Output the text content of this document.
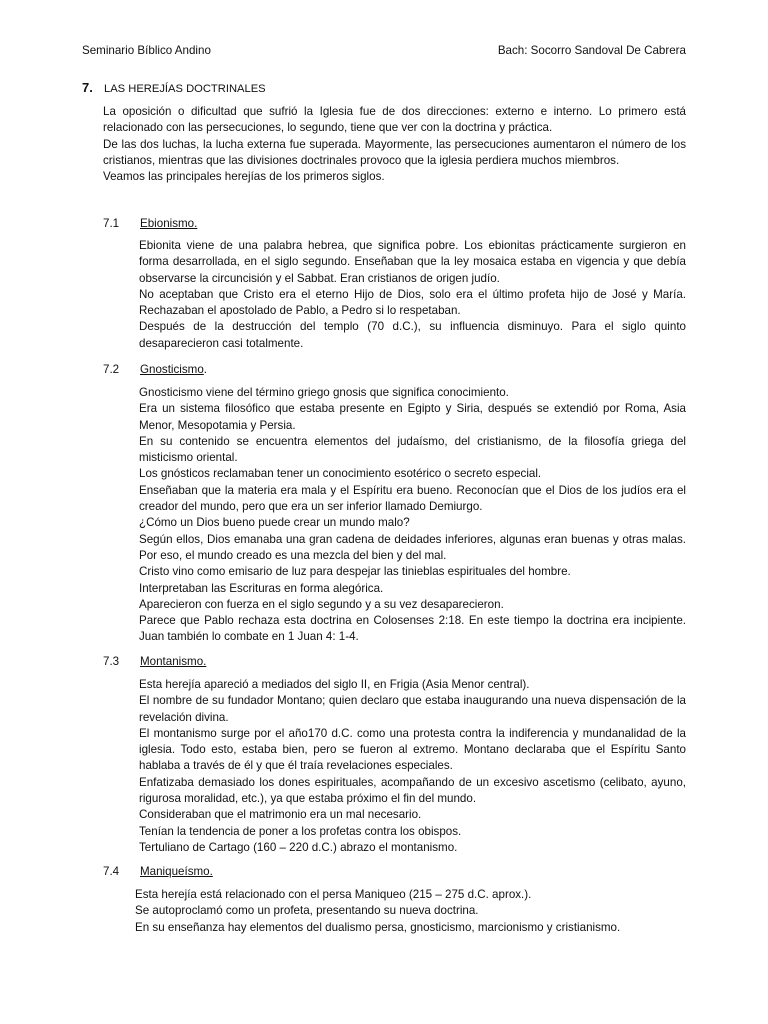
Seminario Bíblico Andino	Bach: Socorro Sandoval De Cabrera
7. LAS HEREJÍAS DOCTRINALES

La oposición o dificultad que sufrió la Iglesia fue de dos direcciones: externo e interno. Lo primero está relacionado con las persecuciones, lo segundo, tiene que ver con la doctrina y práctica.

De las dos luchas, la lucha externa fue superada. Mayormente, las persecuciones aumentaron el número de los cristianos, mientras que las divisiones doctrinales provoco que la iglesia perdiera muchos miembros.

Veamos las principales herejías de los primeros siglos.

7.1	Ebionismo.

Ebionita viene de una palabra hebrea, que significa pobre. Los ebionitas prácticamente surgieron en forma desarrollada, en el siglo segundo. Enseñaban que la ley mosaica estaba en vigencia y que debía observarse la circuncisión y el Sabbat. Eran cristianos de origen judío.

No aceptaban que Cristo era el eterno Hijo de Dios, solo era el último profeta hijo de José y María. Rechazaban el apostolado de Pablo, a Pedro si lo respetaban.

Después de la destrucción del templo (70 d.C.), su influencia disminuyo. Para el siglo quinto desaparecieron casi totalmente.

7.2	Gnosticismo.

Gnosticismo viene del término griego gnosis que significa conocimiento.

Era un sistema filosófico que estaba presente en Egipto y Siria, después se extendió por Roma, Asia Menor, Mesopotamia y Persia.

En su contenido se encuentra elementos del judaísmo, del cristianismo, de la filosofía griega del misticismo oriental.

Los gnósticos reclamaban tener un conocimiento esotérico o secreto especial.

Enseñaban que la materia era mala y el Espíritu era bueno. Reconocían que el Dios de los judíos era el creador del mundo, pero que era un ser inferior llamado Demiurgo.

¿Cómo un Dios bueno puede crear un mundo malo?

Según ellos, Dios emanaba una gran cadena de deidades inferiores, algunas eran buenas y otras malas. Por eso, el mundo creado es una mezcla del bien y del mal.

Cristo vino como emisario de luz para despejar las tinieblas espirituales del hombre.

Interpretaban las Escrituras en forma alegórica.

Aparecieron con fuerza en el siglo segundo y a su vez desaparecieron.

Parece que Pablo rechaza esta doctrina en Colosenses 2:18. En este tiempo la doctrina era incipiente. Juan también lo combate en 1 Juan 4: 1-4.

7.3	Montanismo.

Esta herejía apareció a mediados del siglo II, en Frigia (Asia Menor central).

El nombre de su fundador Montano; quien declaro que estaba inaugurando una nueva dispensación de la revelación divina.

El montanismo surge por el año170 d.C. como una protesta contra la indiferencia y mundanalidad de la iglesia. Todo esto, estaba bien, pero se fueron al extremo. Montano declaraba que el Espíritu Santo hablaba a través de él y que él traía revelaciones especiales.

Enfatizaba demasiado los dones espirituales, acompañando de un excesivo ascetismo (celibato, ayuno, rigurosa moralidad, etc.), ya que estaba próximo el fin del mundo.

Consideraban que el matrimonio era un mal necesario.

Tenían la tendencia de poner a los profetas contra los obispos.

Tertuliano de Cartago (160 – 220 d.C.) abrazo el montanismo.

7.4	Maniqueísmo.

Esta herejía está relacionado con el persa Maniqueo (215 – 275 d.C. aprox.).

Se autoproclamó como un profeta, presentando su nueva doctrina.

En su enseñanza hay elementos del dualismo persa, gnosticismo, marcionismo y cristianismo.
